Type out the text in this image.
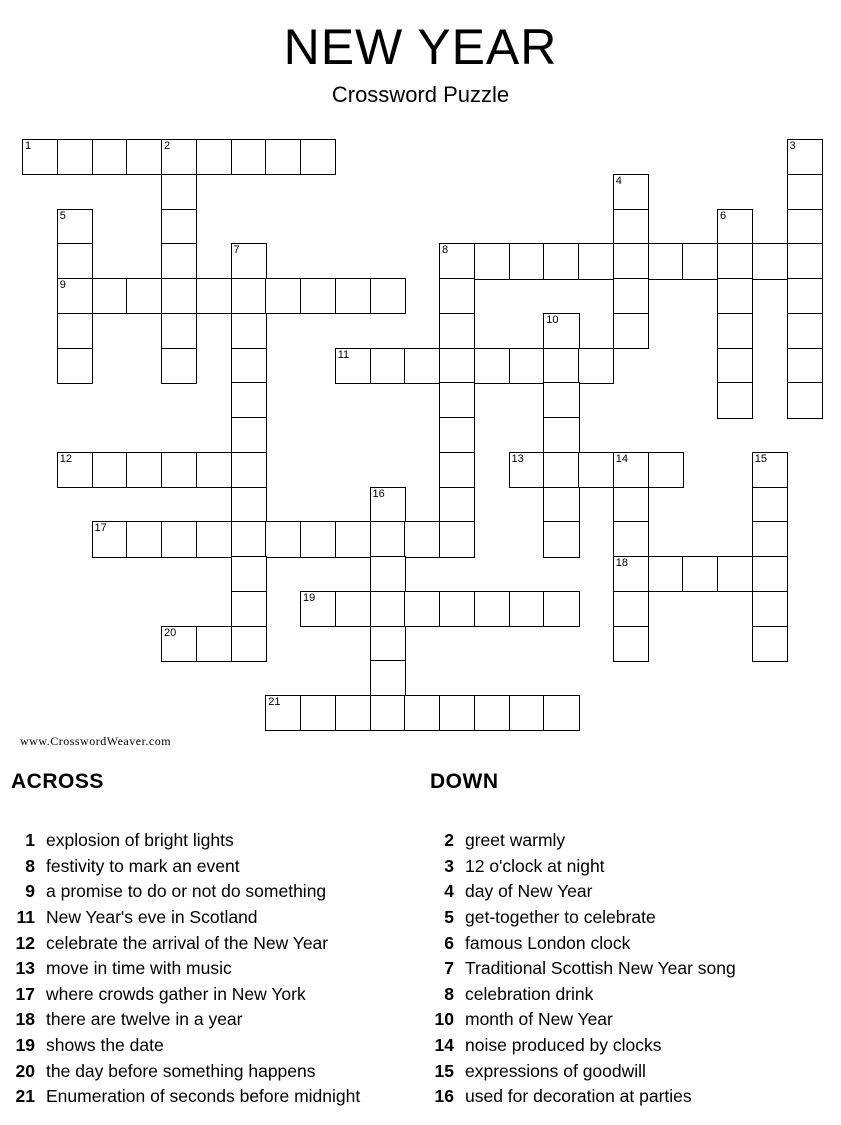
NEW YEAR
Crossword Puzzle
1	2	3
4
5	6
7	8
9
10
11
12	13	14	15
16
17
18
19
20
21
www.CrosswordWeaver.com
ACROSS
1 explosion of bright lights
8 festivity to mark an event
9 a promise to do or not do something
11 New Year's eve in Scotland
12 celebrate the arrival of the New Year
13 move in time with music
17 where crowds gather in New York
18 there are twelve in a year
19 shows the date
20 the day before something happens
21 Enumeration of seconds before midnight
DOWN
2 greet warmly
3 12 o'clock at night
4 day of New Year
5 get-together to celebrate
6 famous London clock
7 Traditional Scottish New Year song
8 celebration drink
10 month of New Year
14 noise produced by clocks
15 expressions of goodwill
16 used for decoration at parties
